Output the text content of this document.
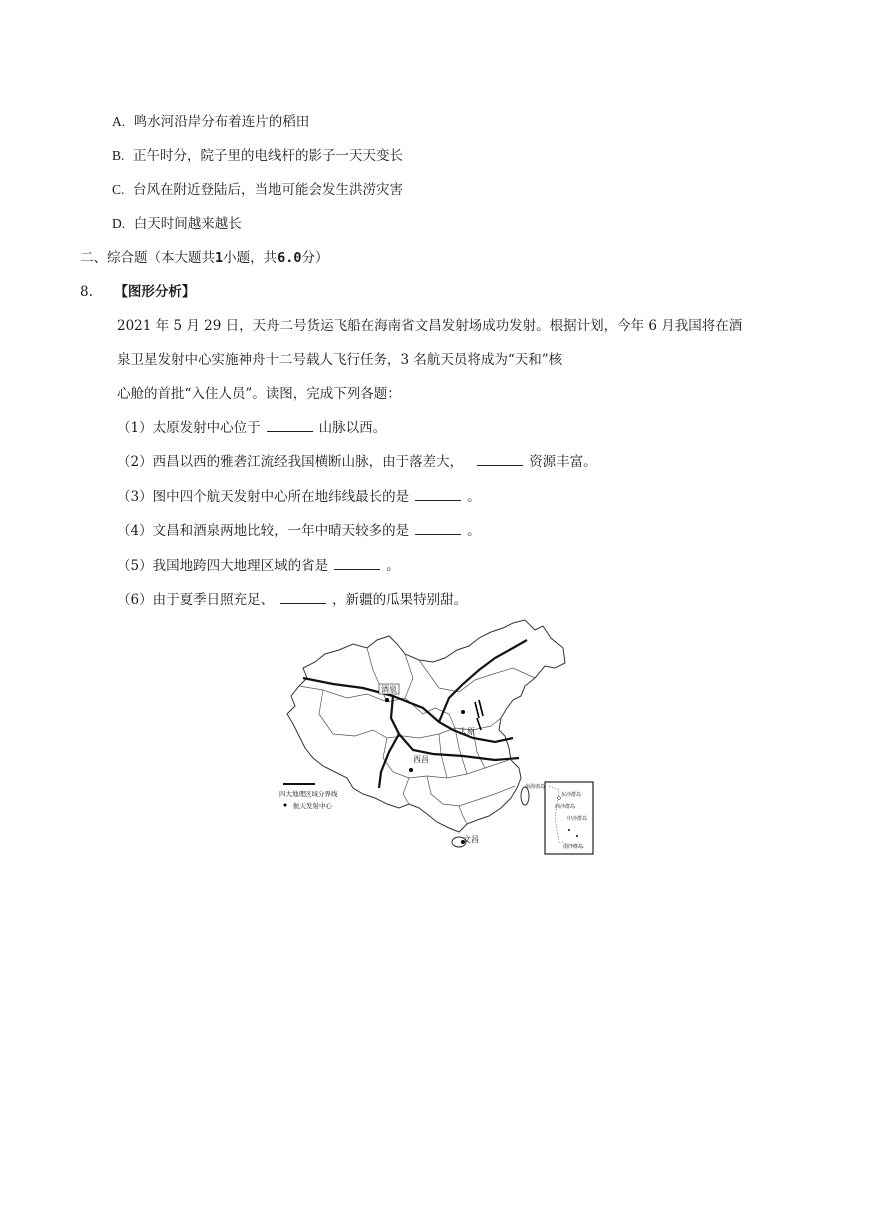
A. 鸣水河沿岸分布着连片的稻田
B. 正午时分，院子里的电线杆的影子一天天变长
C. 台风在附近登陆后，当地可能会发生洪涝灾害
D. 白天时间越来越长
二、综合题（本大题共1小题，共6.0分）
8. 【图形分析】
2021 年 5 月 29 日，天舟二号货运飞船在海南省文昌发射场成功发射。根据计划，今年 6 月我国将在酒
泉卫星发射中心实施神舟十二号载人飞行任务，3 名航天员将成为“天和”核
心舱的首批“入住人员”。读图，完成下列各题：
（1）太原发射中心位于	山脉以西。
（2）西昌以西的雅砻江流经我国横断山脉，由于落差大，	资源丰富。
（3）图中四个航天发射中心所在地纬线最长的是	。
（4）文昌和酒泉两地比较，一年中晴天较多的是	。
（5）我国地跨四大地理区域的省是	。
（6）由于夏季日照充足、	，新疆的瓜果特别甜。
酒泉
太原
西昌
文昌
四大地理区域分界线
航天发射中心
南海诸岛
东沙群岛
西沙群岛
中沙群岛
南沙群岛
